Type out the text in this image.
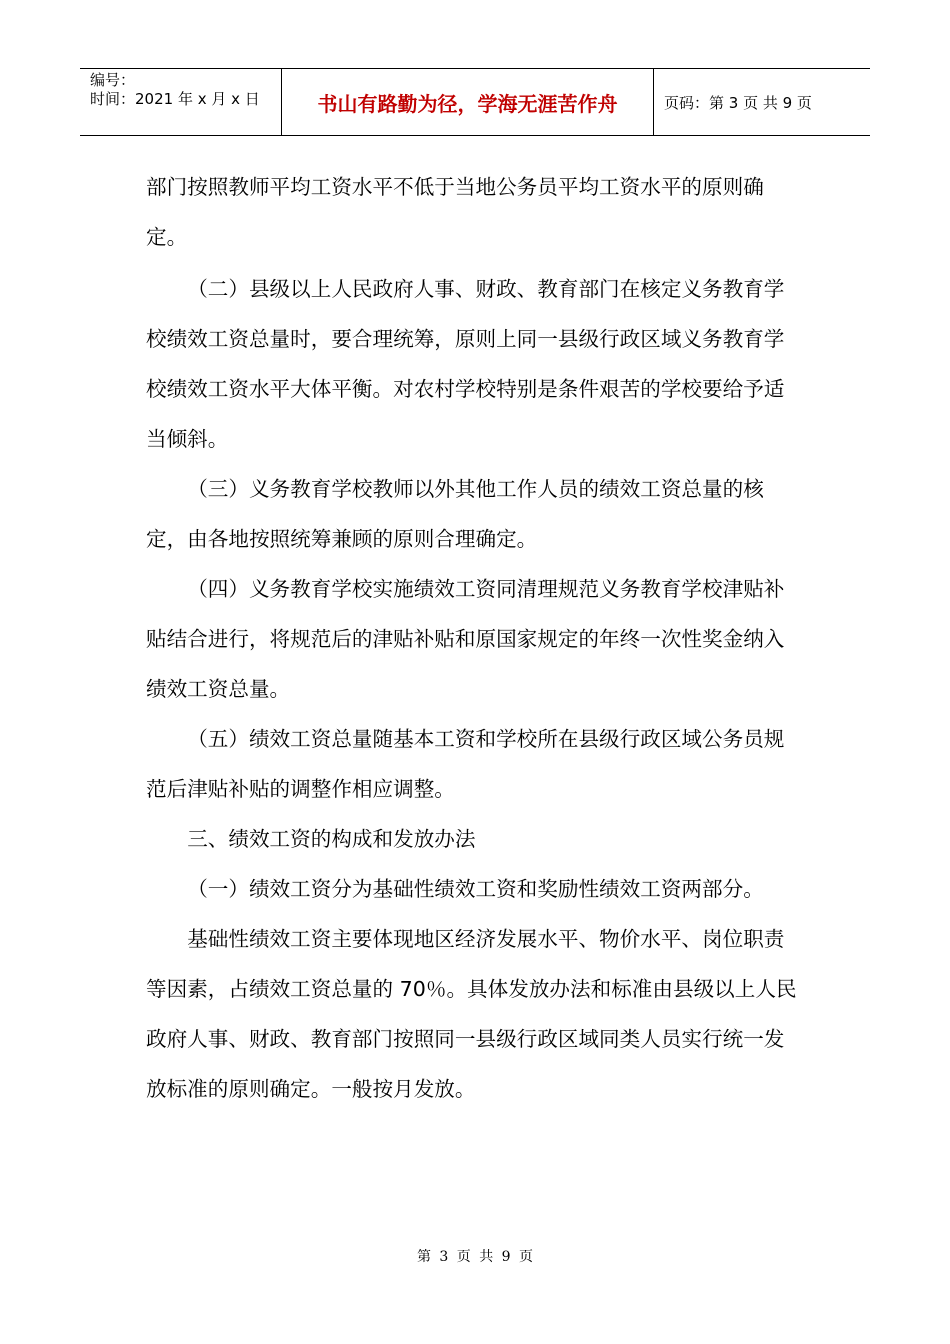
编号：
时间：2021 年 x 月 x 日	书山有路勤为径，学海无涯苦作舟	页码：第 3 页 共 9 页

部门按照教师平均工资水平不低于当地公务员平均工资水平的原则确定。

（二）县级以上人民政府人事、财政、教育部门在核定义务教育学校绩效工资总量时，要合理统筹，原则上同一县级行政区域义务教育学校绩效工资水平大体平衡。对农村学校特别是条件艰苦的学校要给予适当倾斜。

（三）义务教育学校教师以外其他工作人员的绩效工资总量的核定，由各地按照统筹兼顾的原则合理确定。

（四）义务教育学校实施绩效工资同清理规范义务教育学校津贴补贴结合进行，将规范后的津贴补贴和原国家规定的年终一次性奖金纳入绩效工资总量。

（五）绩效工资总量随基本工资和学校所在县级行政区域公务员规范后津贴补贴的调整作相应调整。

三、绩效工资的构成和发放办法

（一）绩效工资分为基础性绩效工资和奖励性绩效工资两部分。

基础性绩效工资主要体现地区经济发展水平、物价水平、岗位职责等因素，占绩效工资总量的 70％。具体发放办法和标准由县级以上人民政府人事、财政、教育部门按照同一县级行政区域同类人员实行统一发放标准的原则确定。一般按月发放。

第 3 页 共 9 页
